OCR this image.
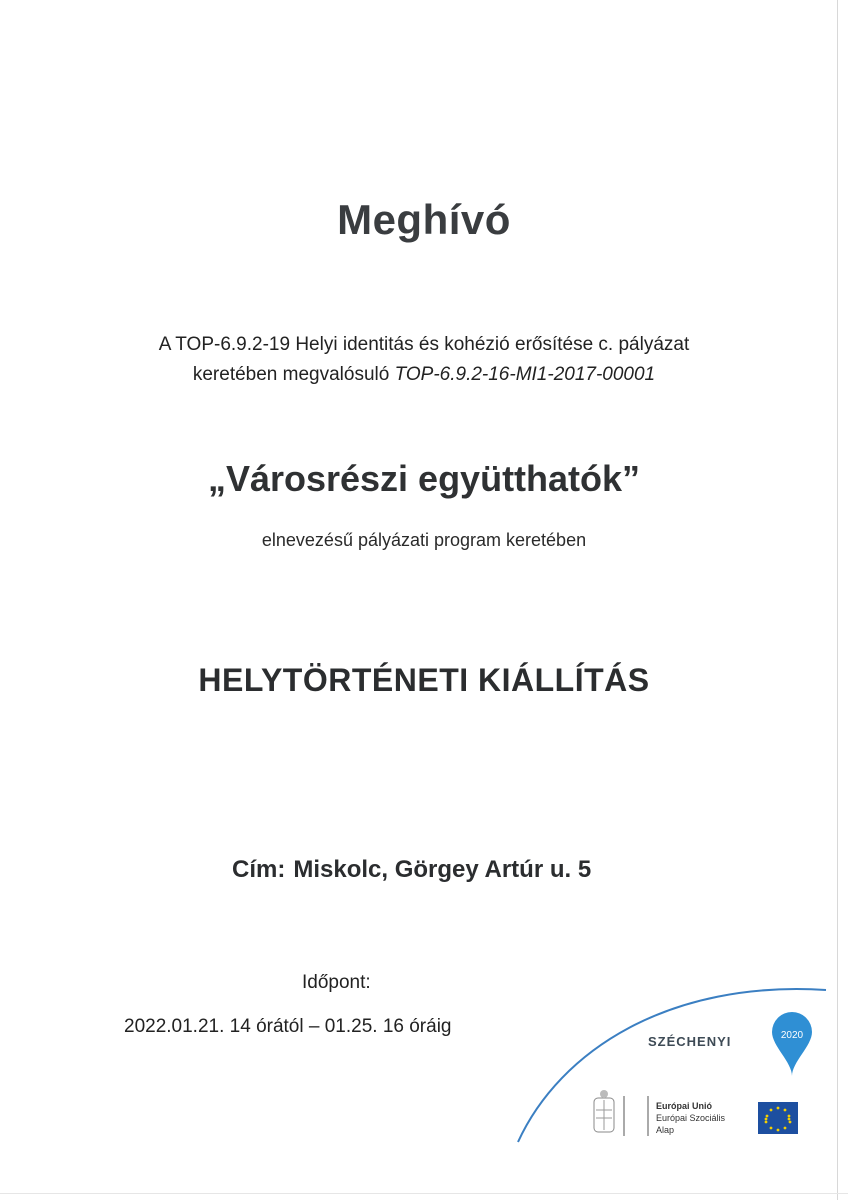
Meghívó
A TOP-6.9.2-19 Helyi identitás és kohézió erősítése c. pályázat
keretében megvalósuló TOP-6.9.2-16-MI1-2017-00001
„Városrészi együtthatók”
elnevezésű pályázati program keretében
HELYTÖRTÉNETI KIÁLLÍTÁS
Cím: Miskolc, Görgey Artúr u. 5
Időpont:
2022.01.21. 14 órától – 01.25. 16 óráig	2020
SZÉCHENYI
Európai Unió
Európai Szociális
Alap
